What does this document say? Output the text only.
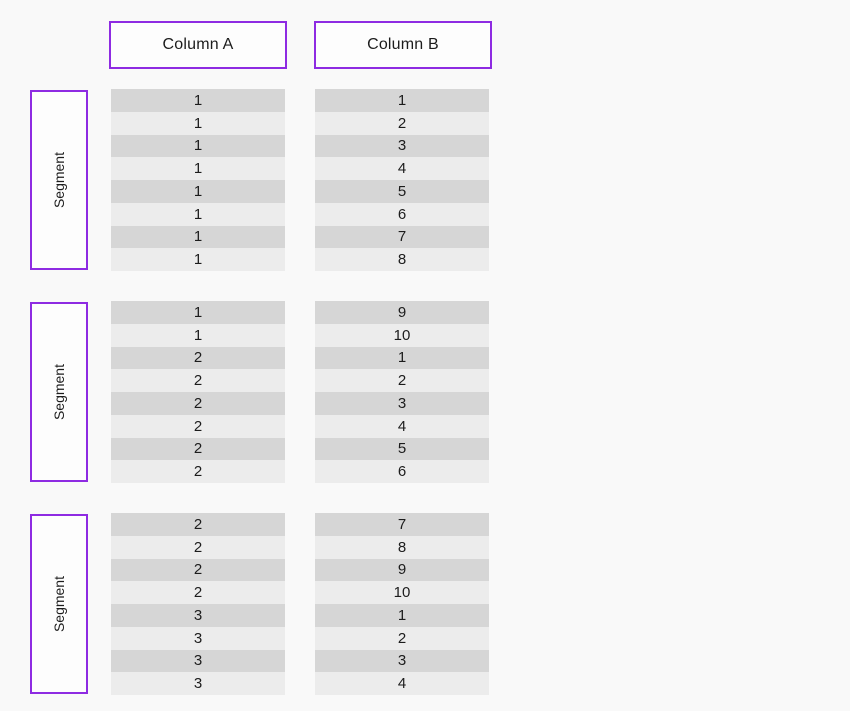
Column A	Column B
Segment
1
1
1
1
1
1
1
1
1
2
3
4
5
6
7
8
Segment
1
1
2
2
2
2
2
2
9
10
1
2
3
4
5
6
Segment
2
2
2
2
3
3
3
3
7
8
9
10
1
2
3
4
